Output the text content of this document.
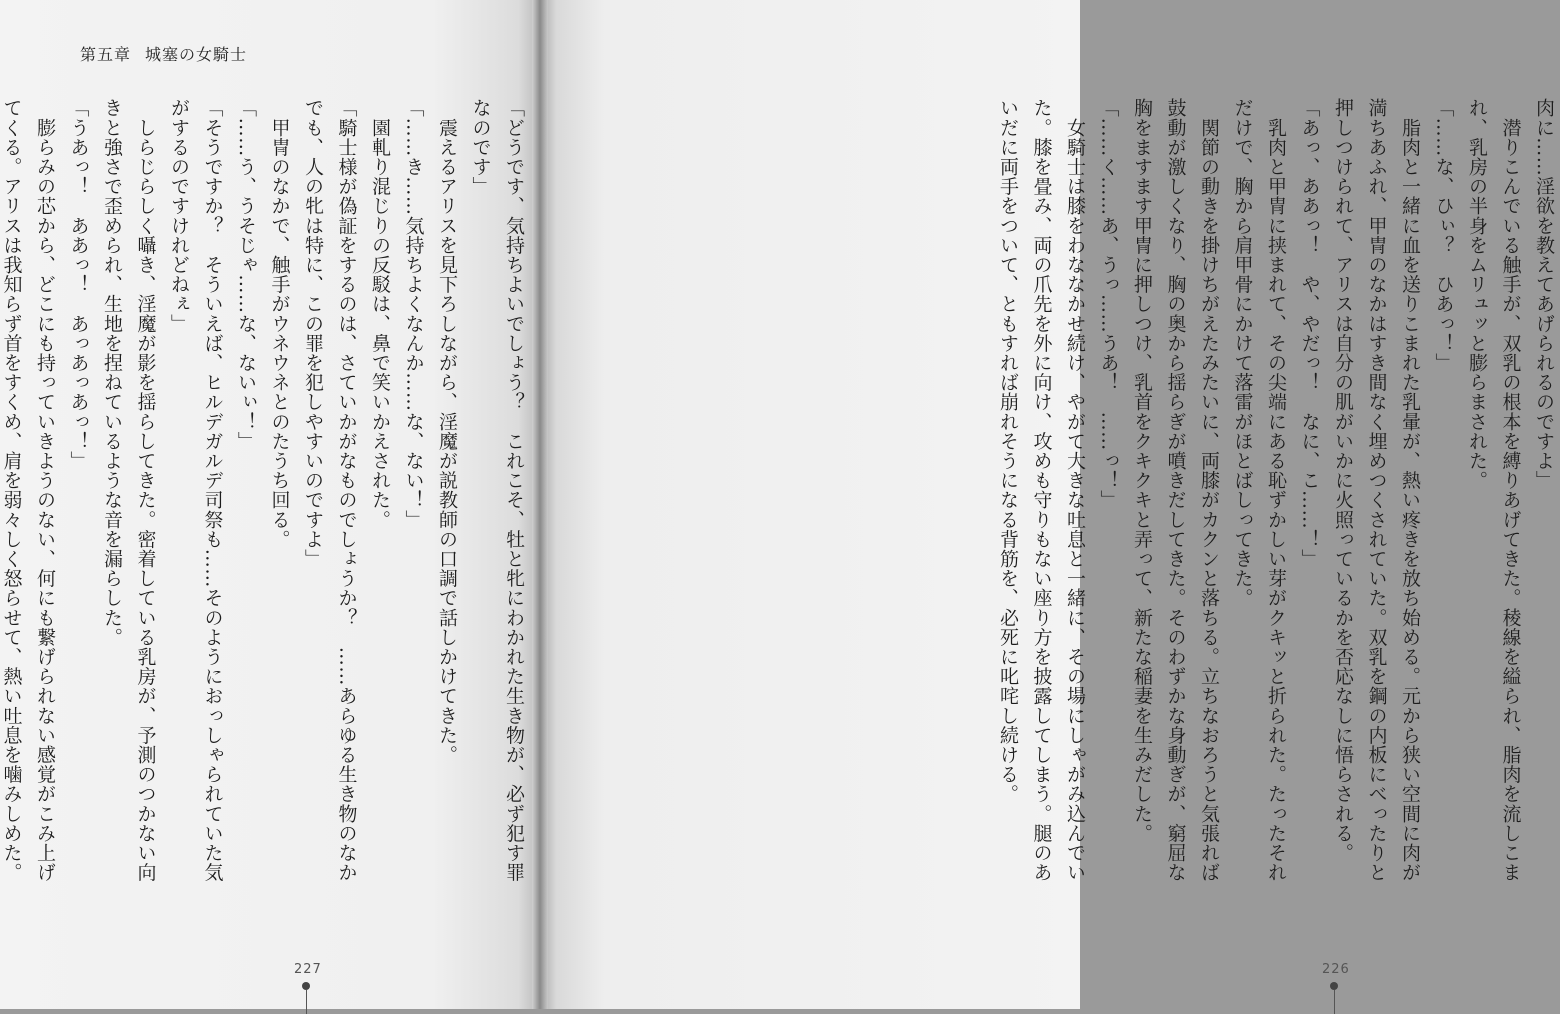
第五章 城塞の女騎士

「どうです、気持ちよいでしょう？　これこそ、牡と牝にわかれた生き物が、必ず犯す罪

なのです」

　震えるアリスを見下ろしながら、淫魔が説教師の口調で話しかけてきた。

「……き……気持ちよくなんか……な、ない！」

　園軋り混じりの反駁は、鼻で笑いかえされた。

「騎士様が偽証をするのは、さていかがなものでしょうか？　……あらゆる生き物のなか

でも、人の牝は特に、この罪を犯しやすいのですよ」

　甲冑のなかで、触手がウネウネとのたうち回る。

「……う、うそじゃ……な、ないぃ！」

「そうですか？　そういえば、ヒルデガルデ司祭も……そのようにおっしゃられていた気

がするのですけれどねぇ」

　しらじらしく囁き、淫魔が影を揺らしてきた。密着している乳房が、予測のつかない向

きと強さで歪められ、生地を捏ねているような音を漏らした。

「うあっ！　ああっ！　あっあっあっ！」

　膨らみの芯から、どこにも持っていきようのない、何にも繋げられない感覚がこみ上げ

てくる。アリスは我知らず首をすくめ、肩を弱々しく怒らせて、熱い吐息を噛みしめた。

227

肉に……淫欲を教えてあげられるのですよ」

　潜りこんでいる触手が、双乳の根本を縛りあげてきた。稜線を縊られ、脂肉を流しこま

れ、乳房の半身をムリュッと膨らまされた。

「……な、ひぃ？　ひあっ！」

　脂肉と一緒に血を送りこまれた乳暈が、熱い疼きを放ち始める。元から狭い空間に肉が

満ちあふれ、甲冑のなかはすき間なく埋めつくされていた。双乳を鋼の内板にべったりと

押しつけられて、アリスは自分の肌がいかに火照っているかを否応なしに悟らされる。

「あっ、ああっ！　や、やだっ！　なに、こ……！」

　乳肉と甲冑に挟まれて、その尖端にある恥ずかしい芽がクキッと折られた。たったそれ

だけで、胸から肩甲骨にかけて落雷がほとばしってきた。

　関節の動きを掛けちがえたみたいに、両膝がカクンと落ちる。立ちなおろうと気張れば

鼓動が激しくなり、胸の奥から揺らぎが噴きだしてきた。そのわずかな身動ぎが、窮屈な

胸をますます甲冑に押しつけ、乳首をクキクキと弄って、新たな稲妻を生みだした。

「……く……あ、うっ……うあ！　……っ！」

　女騎士は膝をわななかせ続け、やがて大きな吐息と一緒に、その場にしゃがみ込んでい

た。膝を畳み、両の爪先を外に向け、攻めも守りもない座り方を披露してしまう。腿のあ

いだに両手をついて、ともすれば崩れそうになる背筋を、必死に叱咤し続ける。

226
